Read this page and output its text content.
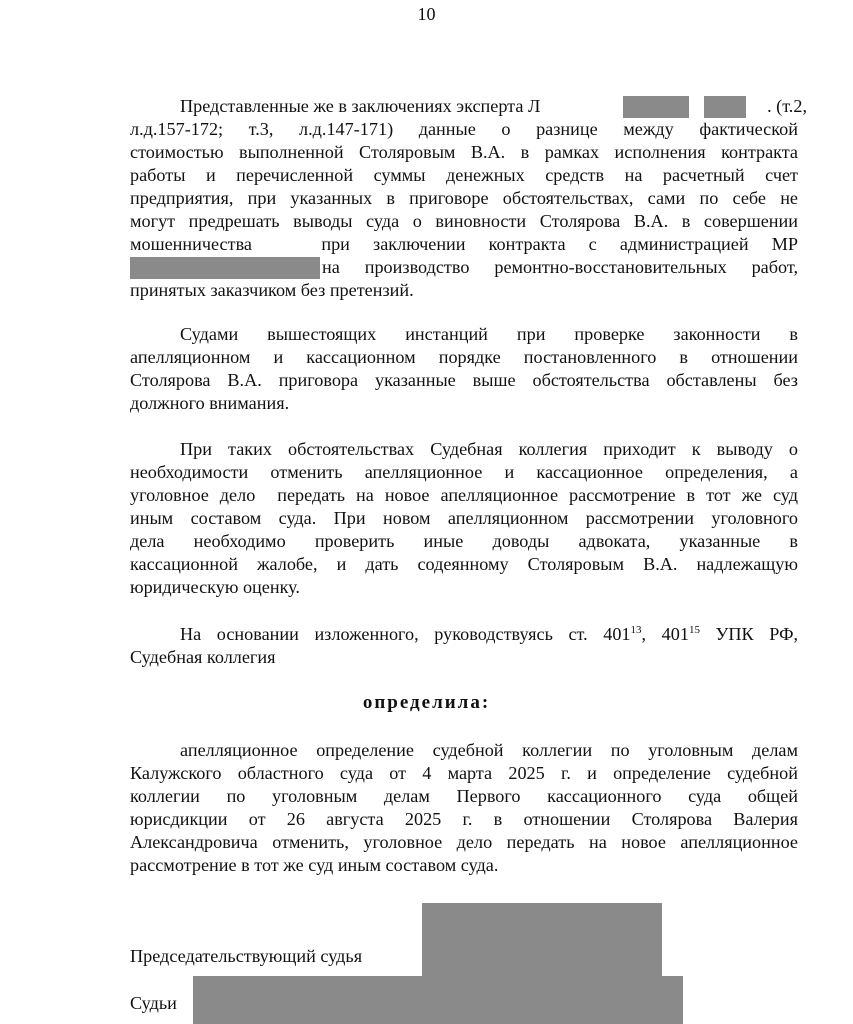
10
Представленные же в заключениях эксперта Л	. (т.2,
л.д.157-172; т.3, л.д.147-171) данные о разнице между фактической
стоимостью выполненной Столяровым В.А. в рамках исполнения контракта
работы и перечисленной суммы денежных средств на расчетный счет
предприятия, при указанных в приговоре обстоятельствах, сами по себе не
могут предрешать выводы суда о виновности Столярова В.А. в совершении
мошенничества   при заключении контракта с администрацией МР
на производство ремонтно-восстановительных работ,
принятых заказчиком без претензий.
Судами вышестоящих инстанций при проверке законности в
апелляционном и кассационном порядке постановленного в отношении
Столярова В.А. приговора указанные выше обстоятельства обставлены без
должного внимания.
При таких обстоятельствах Судебная коллегия приходит к выводу о
необходимости отменить апелляционное и кассационное определения, а
уголовное дело  передать на новое апелляционное рассмотрение в тот же суд
иным составом суда. При новом апелляционном рассмотрении уголовного
дела необходимо проверить иные доводы адвоката, указанные в
кассационной жалобе, и дать содеянному Столяровым В.А. надлежащую
юридическую оценку.
На основании изложенного, руководствуясь ст. $401^{13}$, $401^{15}$ УПК РФ,
Судебная коллегия
определила:
апелляционное определение судебной коллегии по уголовным делам
Калужского областного суда от 4 марта 2025 г. и определение судебной
коллегии по уголовным делам Первого кассационного суда общей
юрисдикции от 26 августа 2025 г. в отношении Столярова Валерия
Александровича отменить, уголовное дело передать на новое апелляционное
рассмотрение в тот же суд иным составом суда.
Председательствующий судья
Судьи
